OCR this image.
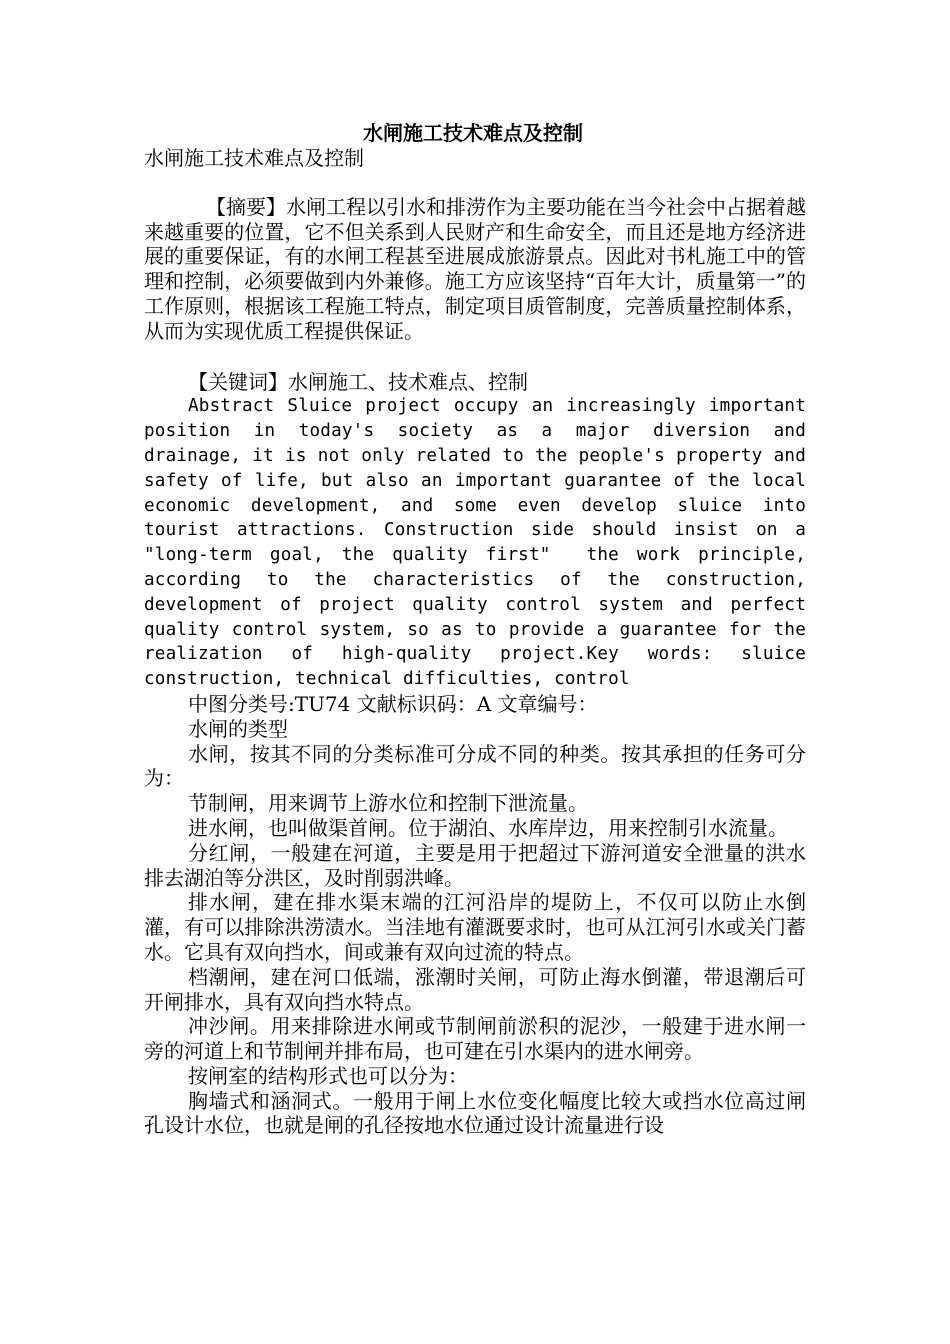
水闸施工技术难点及控制
水闸施工技术难点及控制

【摘要】水闸工程以引水和排涝作为主要功能在当今社会中占据着越来越重要的位置，它不但关系到人民财产和生命安全，而且还是地方经济进展的重要保证，有的水闸工程甚至进展成旅游景点。因此对书札施工中的管理和控制，必须要做到内外兼修。施工方应该坚持“百年大计，质量第一”的工作原则，根据该工程施工特点，制定项目质管制度，完善质量控制体系，从而为实现优质工程提供保证。

【关键词】水闸施工、技术难点、控制

Abstract Sluice project occupy an increasingly important position in today's society as a major diversion and drainage, it is not only related to the people's property and safety of life, but also an important guarantee of the local economic development, and some even develop sluice into tourist attractions. Construction side should insist on a "long-term goal, the quality first"  the work principle, according to the characteristics of the construction, development of project quality control system and perfect quality control system, so as to provide a guarantee for the realization of high-quality project.Key words: sluice construction, technical difficulties, control

中图分类号:TU74 文献标识码：A 文章编号：

水闸的类型

水闸，按其不同的分类标准可分成不同的种类。按其承担的任务可分为：

节制闸，用来调节上游水位和控制下泄流量。

进水闸，也叫做渠首闸。位于湖泊、水库岸边，用来控制引水流量。

分红闸，一般建在河道，主要是用于把超过下游河道安全泄量的洪水排去湖泊等分洪区，及时削弱洪峰。

排水闸，建在排水渠末端的江河沿岸的堤防上，不仅可以防止水倒灌，有可以排除洪涝渍水。当洼地有灌溉要求时，也可从江河引水或关门蓄水。它具有双向挡水，间或兼有双向过流的特点。

档潮闸，建在河口低端，涨潮时关闸，可防止海水倒灌，带退潮后可开闸排水，具有双向挡水特点。

冲沙闸。用来排除进水闸或节制闸前淤积的泥沙，一般建于进水闸一旁的河道上和节制闸并排布局，也可建在引水渠内的进水闸旁。

按闸室的结构形式也可以分为：

胸墙式和涵洞式。一般用于闸上水位变化幅度比较大或挡水位高过闸孔设计水位，也就是闸的孔径按地水位通过设计流量进行设
